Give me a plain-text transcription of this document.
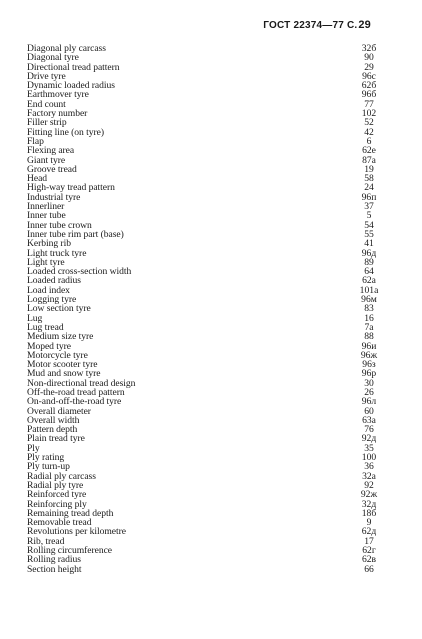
ГОСТ 22374—77 С.29
Diagonal ply carcass	32б
Diagonal tyre	90
Directional tread pattern	29
Drive tyre	96с
Dynamic loaded radius	62б
Earthmover tyre	96б
End count	77
Factory number	102
Filler strip	52
Fitting line (on tyre)	42
Flap	6
Flexing area	62е
Giant tyre	87а
Groove tread	19
Head	58
High-way tread pattern	24
Industrial tyre	96п
Innerliner	37
Inner tube	5
Inner tube crown	54
Inner tube rim part (base)	55
Kerbing rib	41
Light truck tyre	96д
Light tyre	89
Loaded cross-section width	64
Loaded radius	62а
Load index	101а
Logging tyre	96м
Low section tyre	83
Lug	16
Lug tread	7а
Medium size tyre	88
Moped tyre	96и
Motorcycle tyre	96ж
Motor scooter tyre	96з
Mud and snow tyre	96р
Non-directional tread design	30
Off-the-road tread pattern	26
On-and-off-the-road tyre	96л
Overall diameter	60
Overall width	63а
Pattern depth	76
Plain tread tyre	92д
Ply	35
Ply rating	100
Ply turn-up	36
Radial ply carcass	32а
Radial ply tyre	92
Reinforced tyre	92ж
Reinforcing ply	32д
Remaining tread depth	18б
Removable tread	9
Revolutions per kilometre	62д
Rib, tread	17
Rolling circumference	62г
Rolling radius	62в
Section height	66
